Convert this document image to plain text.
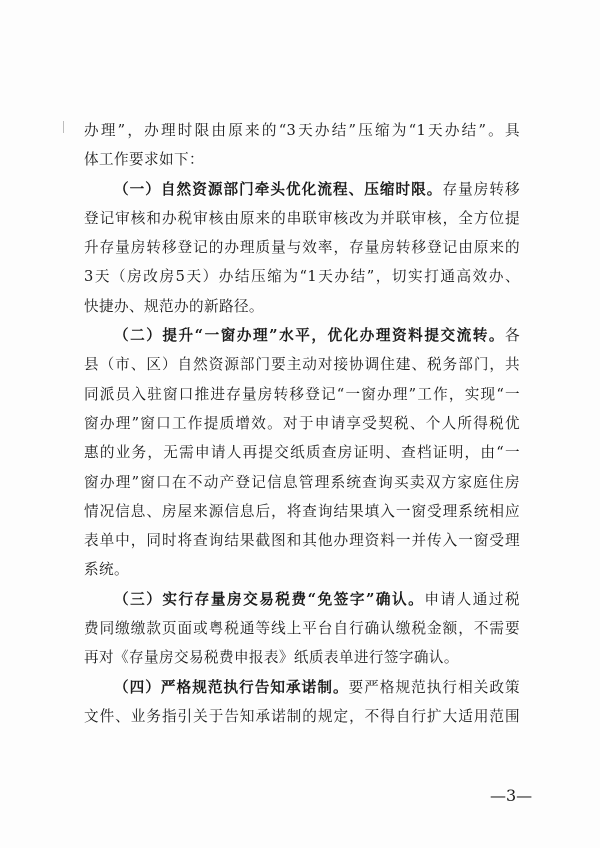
办理”，办理时限由原来的“3天办结”压缩为“1天办结”。具
体工作要求如下：
（一）自然资源部门牵头优化流程、压缩时限。存量房转移
登记审核和办税审核由原来的串联审核改为并联审核，全方位提
升存量房转移登记的办理质量与效率，存量房转移登记由原来的
3天（房改房5天）办结压缩为“1天办结”，切实打通高效办、
快捷办、规范办的新路径。
（二）提升“一窗办理”水平，优化办理资料提交流转。各
县（市、区）自然资源部门要主动对接协调住建、税务部门，共
同派员入驻窗口推进存量房转移登记“一窗办理”工作，实现“一
窗办理”窗口工作提质增效。对于申请享受契税、个人所得税优
惠的业务，无需申请人再提交纸质查房证明、查档证明，由“一
窗办理”窗口在不动产登记信息管理系统查询买卖双方家庭住房
情况信息、房屋来源信息后，将查询结果填入一窗受理系统相应
表单中，同时将查询结果截图和其他办理资料一并传入一窗受理
系统。
（三）实行存量房交易税费“免签字”确认。申请人通过税
费同缴缴款页面或粤税通等线上平台自行确认缴税金额，不需要
再对《存量房交易税费申报表》纸质表单进行签字确认。
（四）严格规范执行告知承诺制。要严格规范执行相关政策
文件、业务指引关于告知承诺制的规定，不得自行扩大适用范围
—3—
